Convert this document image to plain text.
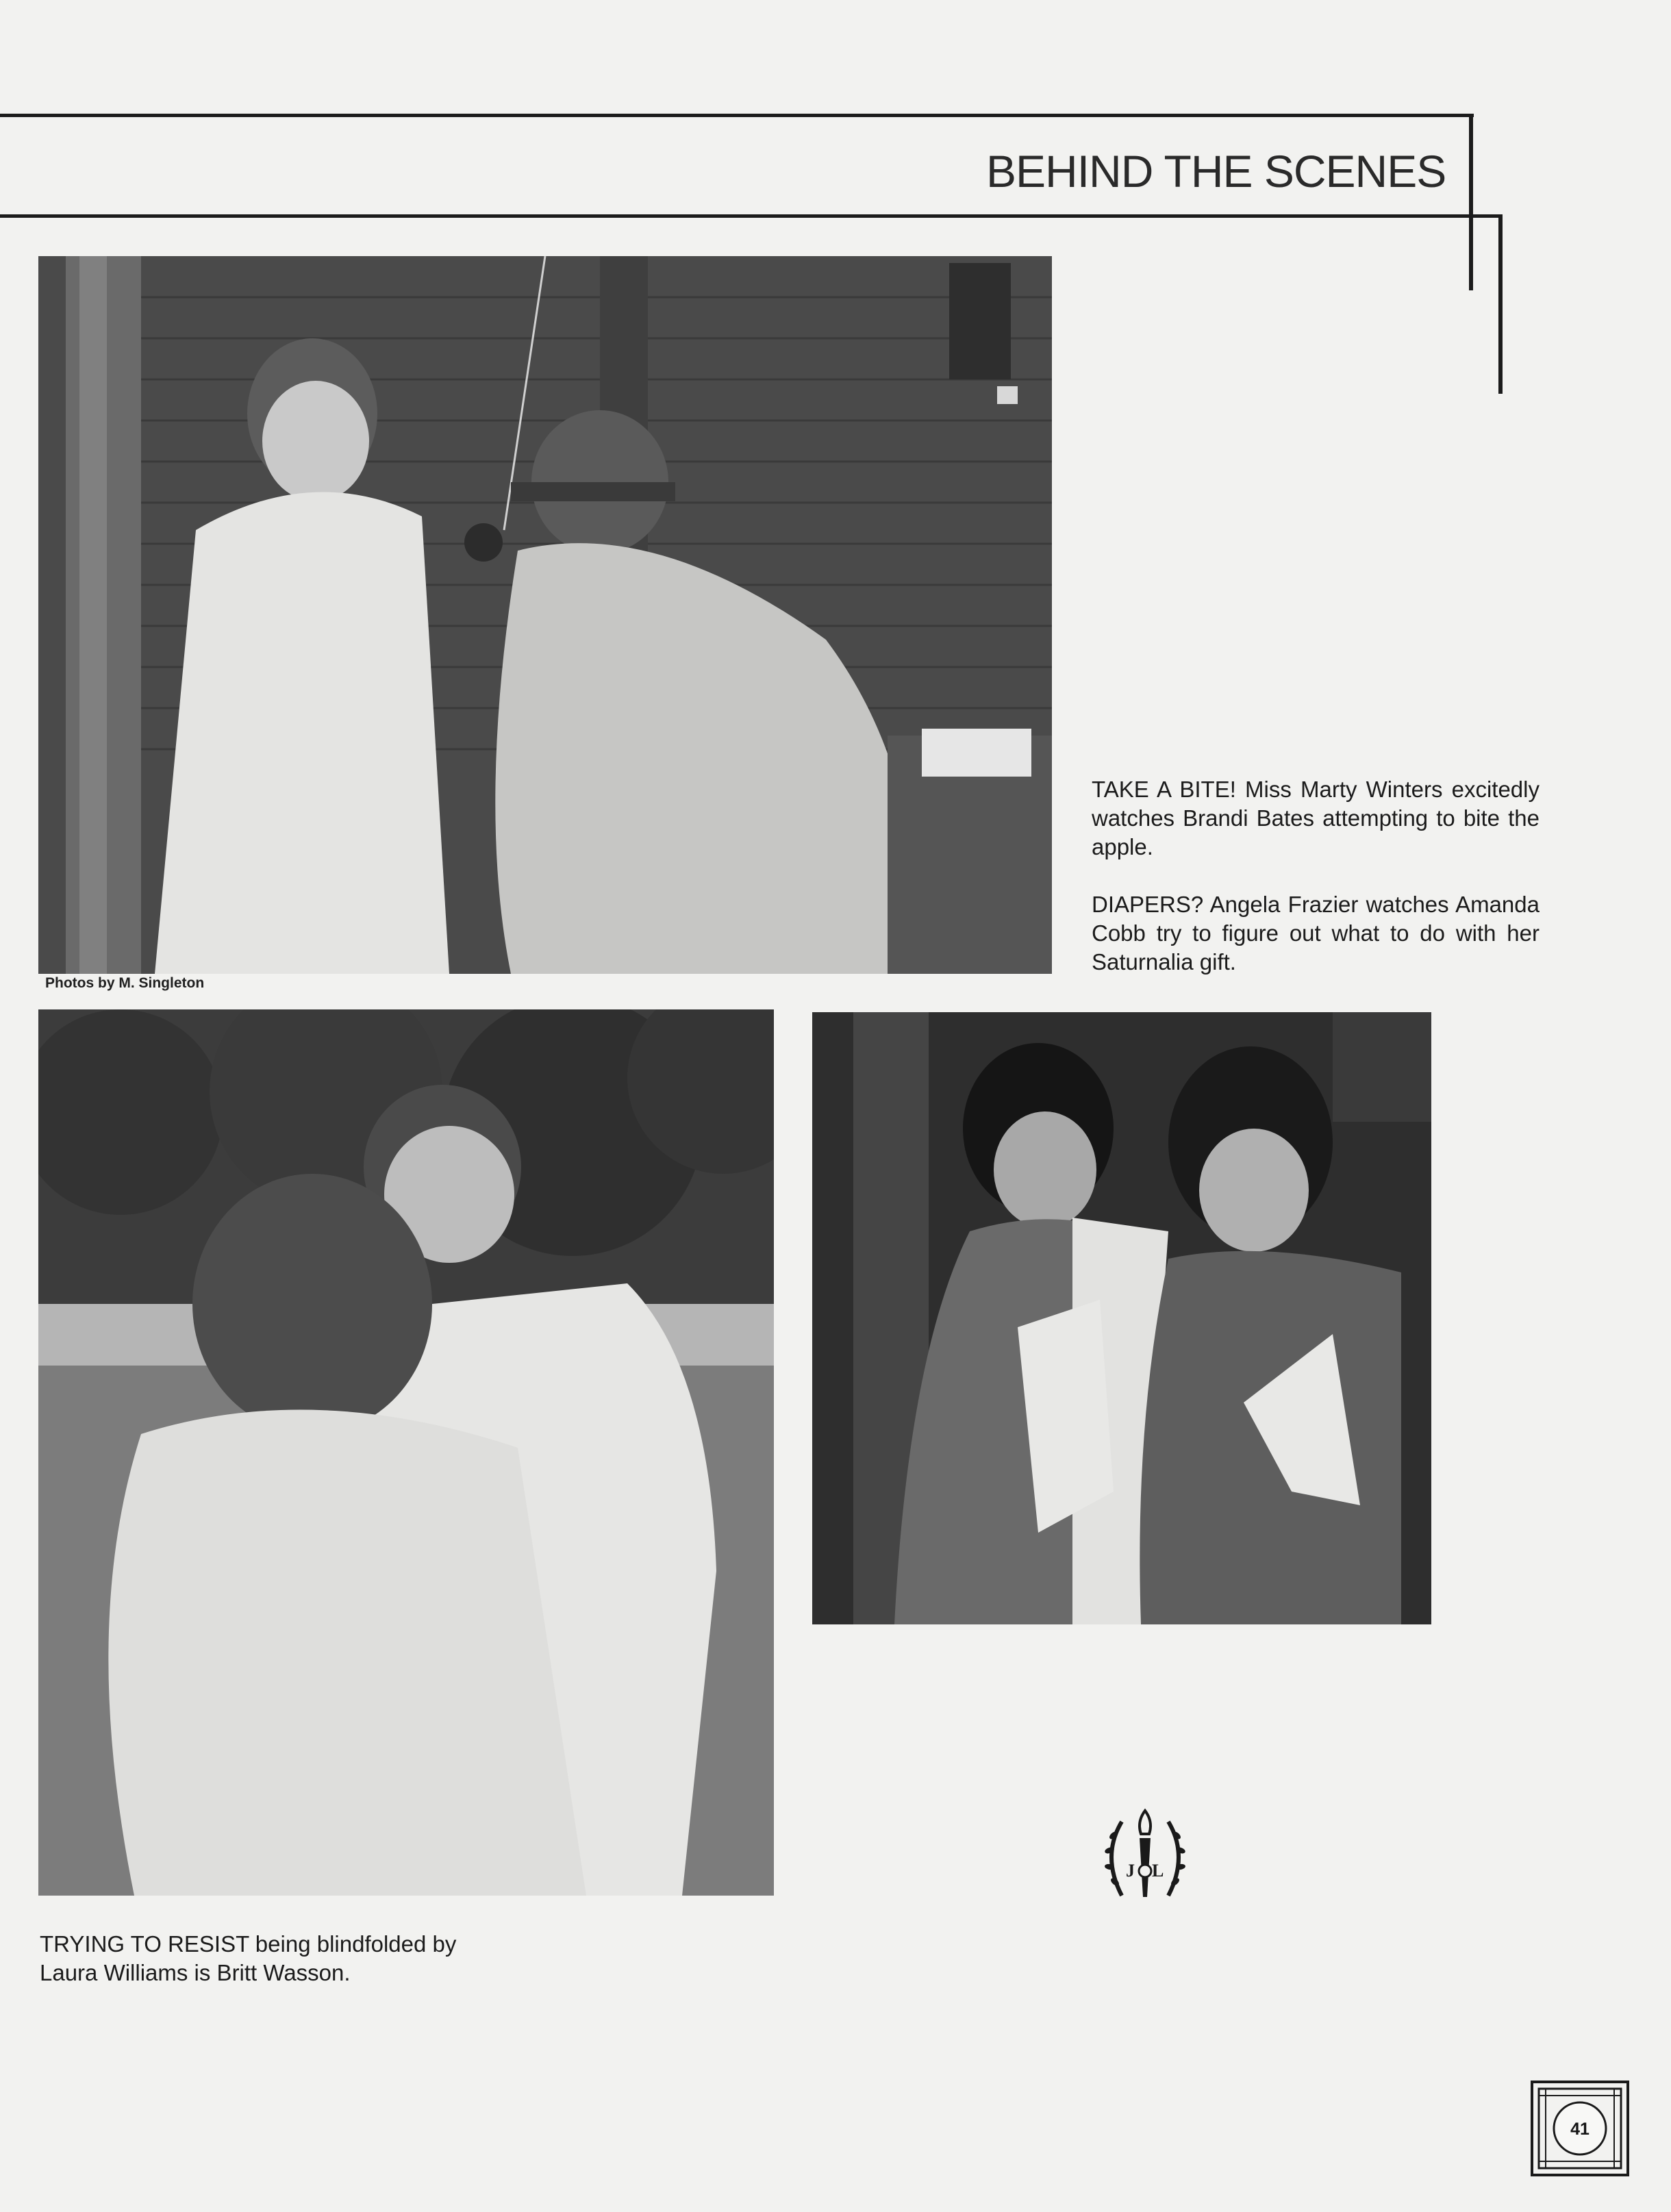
BEHIND THE SCENES
Photos by M. Singleton
TAKE A BITE! Miss Marty Winters excitedly watches Brandi Bates attempting to bite the apple.
DIAPERS? Angela Frazier watches Amanda Cobb try to figure out what to do with her Saturnalia gift.
TRYING TO RESIST being blindfolded by Laura Williams is Britt Wasson.
J L
41
